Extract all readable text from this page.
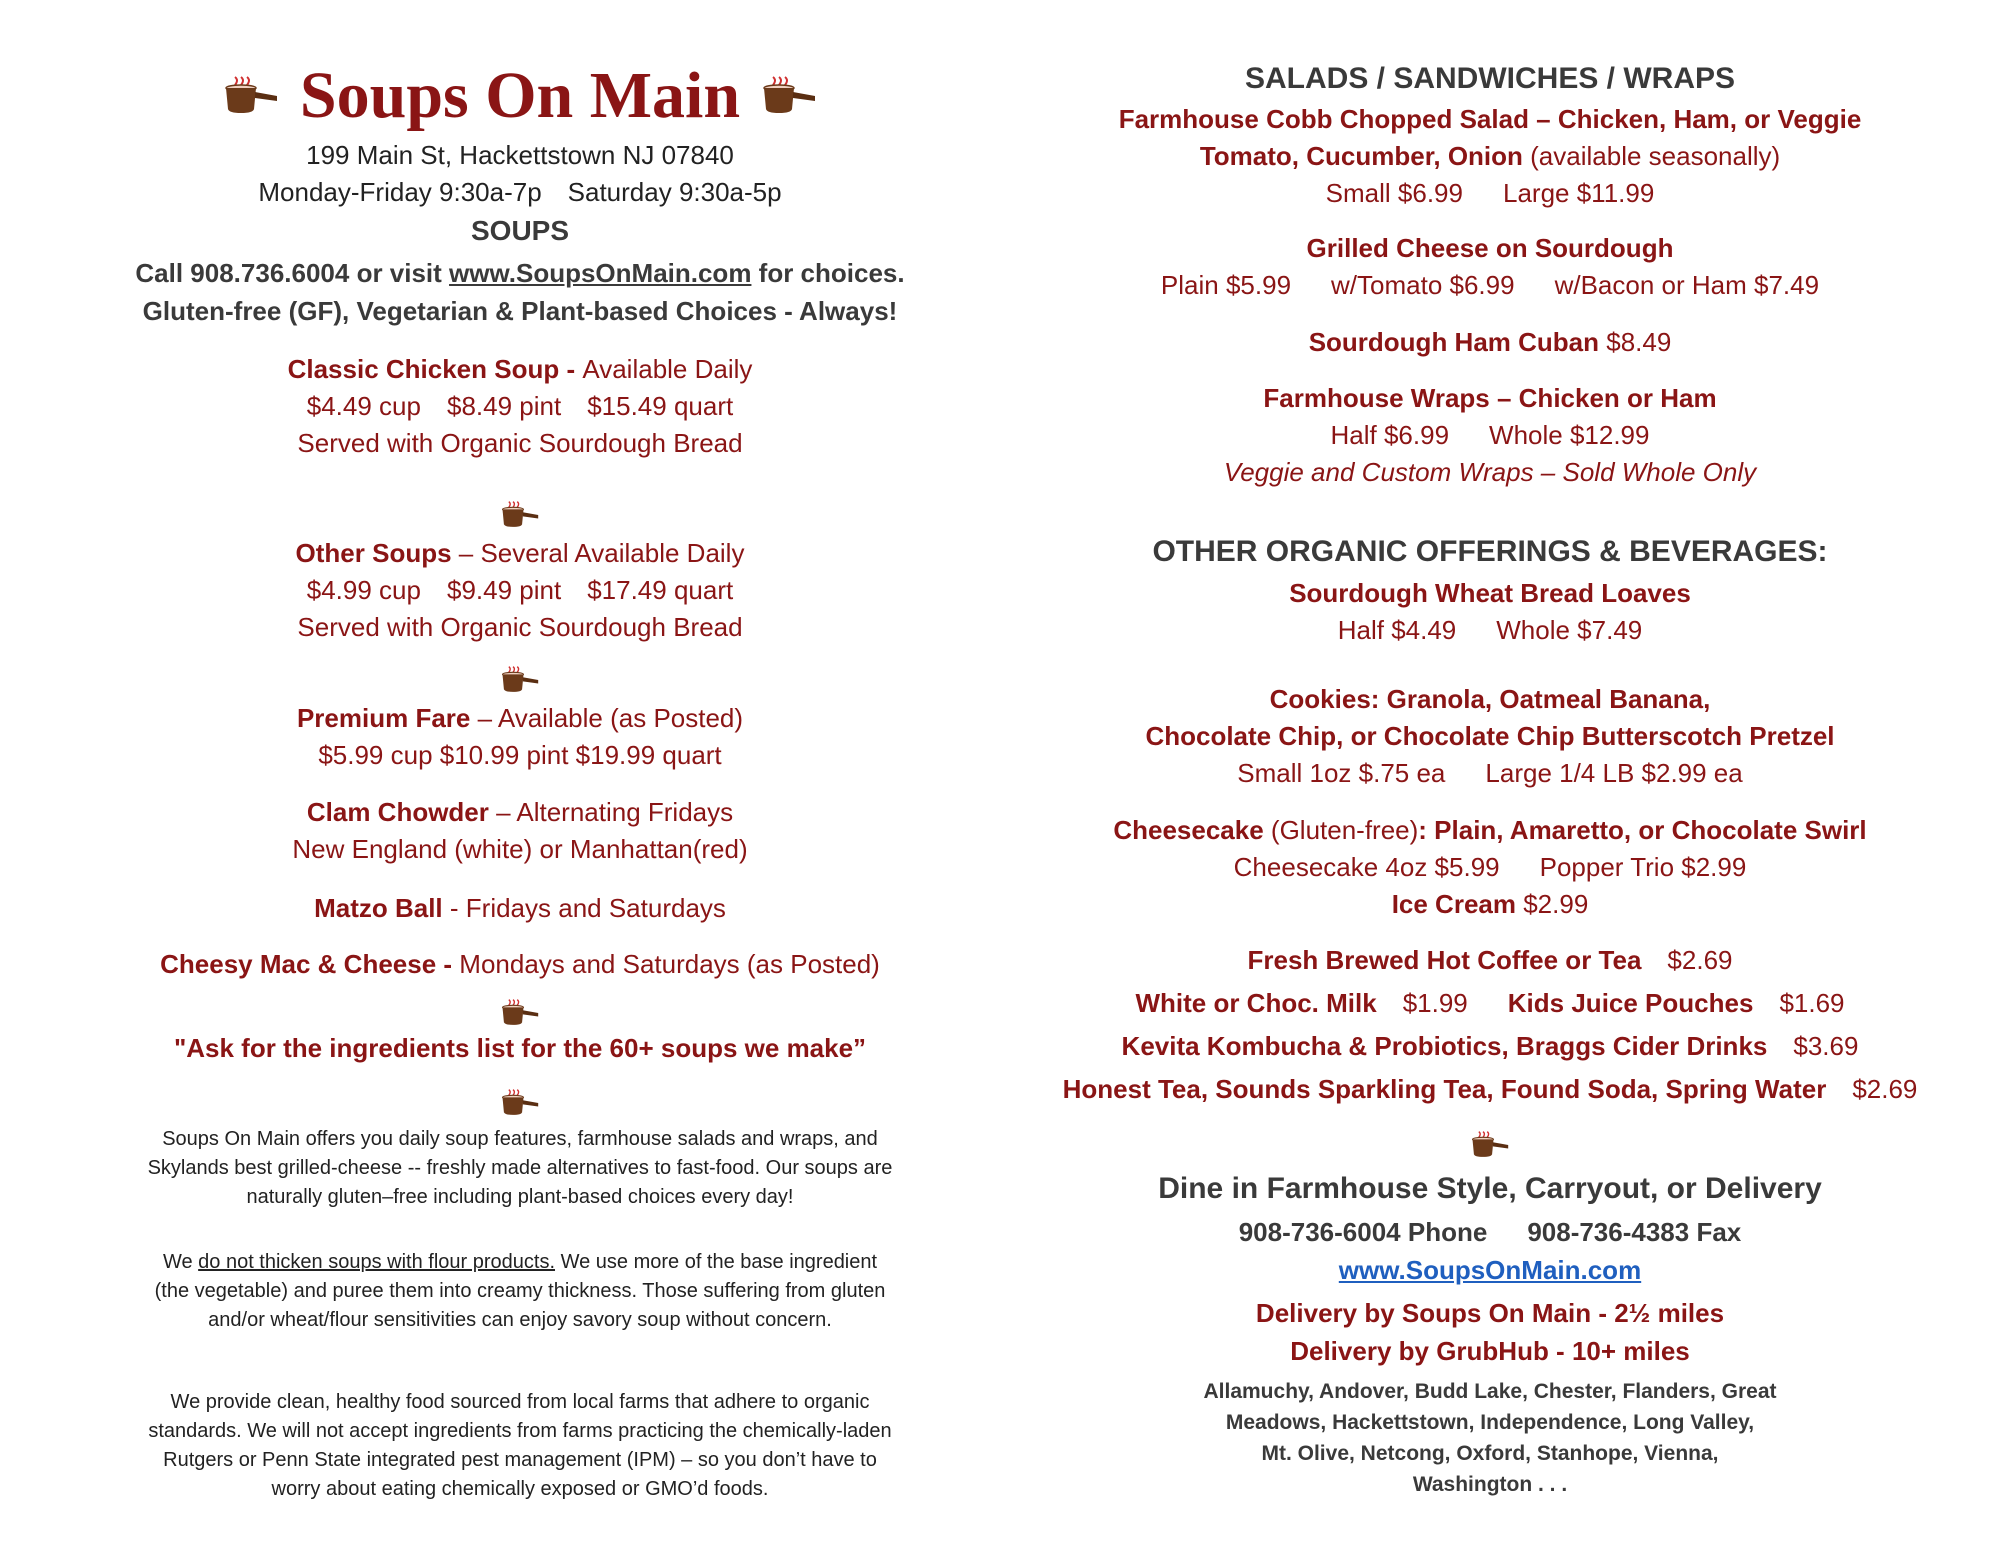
Soups On Main
199 Main St, Hackettstown NJ 07840
Monday-Friday 9:30a-7p Saturday 9:30a-5p
SOUPS
Call 908.736.6004 or visit www.SoupsOnMain.com for choices.
Gluten-free (GF), Vegetarian & Plant-based Choices - Always!
Classic Chicken Soup - Available Daily
$4.49 cup $8.49 pint $15.49 quart
Served with Organic Sourdough Bread
Other Soups – Several Available Daily
$4.99 cup $9.49 pint $17.49 quart
Served with Organic Sourdough Bread
Premium Fare – Available (as Posted)
$5.99 cup $10.99 pint $19.99 quart
Clam Chowder – Alternating Fridays
New England (white) or Manhattan(red)
Matzo Ball - Fridays and Saturdays
Cheesy Mac & Cheese - Mondays and Saturdays (as Posted)
"Ask for the ingredients list for the 60+ soups we make”
Soups On Main offers you daily soup features, farmhouse salads and wraps, and Skylands best grilled-cheese -- freshly made alternatives to fast-food. Our soups are naturally gluten–free including plant-based choices every day!
We do not thicken soups with flour products. We use more of the base ingredient (the vegetable) and puree them into creamy thickness. Those suffering from gluten and/or wheat/flour sensitivities can enjoy savory soup without concern.
We provide clean, healthy food sourced from local farms that adhere to organic standards. We will not accept ingredients from farms practicing the chemically-laden Rutgers or Penn State integrated pest management (IPM) – so you don’t have to worry about eating chemically exposed or GMO’d foods.
SALADS / SANDWICHES / WRAPS
Farmhouse Cobb Chopped Salad – Chicken, Ham, or Veggie
Tomato, Cucumber, Onion (available seasonally)
Small $6.99 Large $11.99
Grilled Cheese on Sourdough
Plain $5.99 w/Tomato $6.99 w/Bacon or Ham $7.49
Sourdough Ham Cuban $8.49
Farmhouse Wraps – Chicken or Ham
Half $6.99 Whole $12.99
Veggie and Custom Wraps – Sold Whole Only
OTHER ORGANIC OFFERINGS & BEVERAGES:
Sourdough Wheat Bread Loaves
Half $4.49 Whole $7.49
Cookies: Granola, Oatmeal Banana,
Chocolate Chip, or Chocolate Chip Butterscotch Pretzel
Small 1oz $.75 ea Large 1/4 LB $2.99 ea
Cheesecake (Gluten-free): Plain, Amaretto, or Chocolate Swirl
Cheesecake 4oz $5.99 Popper Trio $2.99
Ice Cream $2.99
Fresh Brewed Hot Coffee or Tea $2.69
White or Choc. Milk $1.99 Kids Juice Pouches $1.69
Kevita Kombucha & Probiotics, Braggs Cider Drinks $3.69
Honest Tea, Sounds Sparkling Tea, Found Soda, Spring Water $2.69
Dine in Farmhouse Style, Carryout, or Delivery
908-736-6004 Phone 908-736-4383 Fax
www.SoupsOnMain.com
Delivery by Soups On Main - 2½ miles
Delivery by GrubHub - 10+ miles
Allamuchy, Andover, Budd Lake, Chester, Flanders, Great
Meadows, Hackettstown, Independence, Long Valley,
Mt. Olive, Netcong, Oxford, Stanhope, Vienna,
Washington . . .
